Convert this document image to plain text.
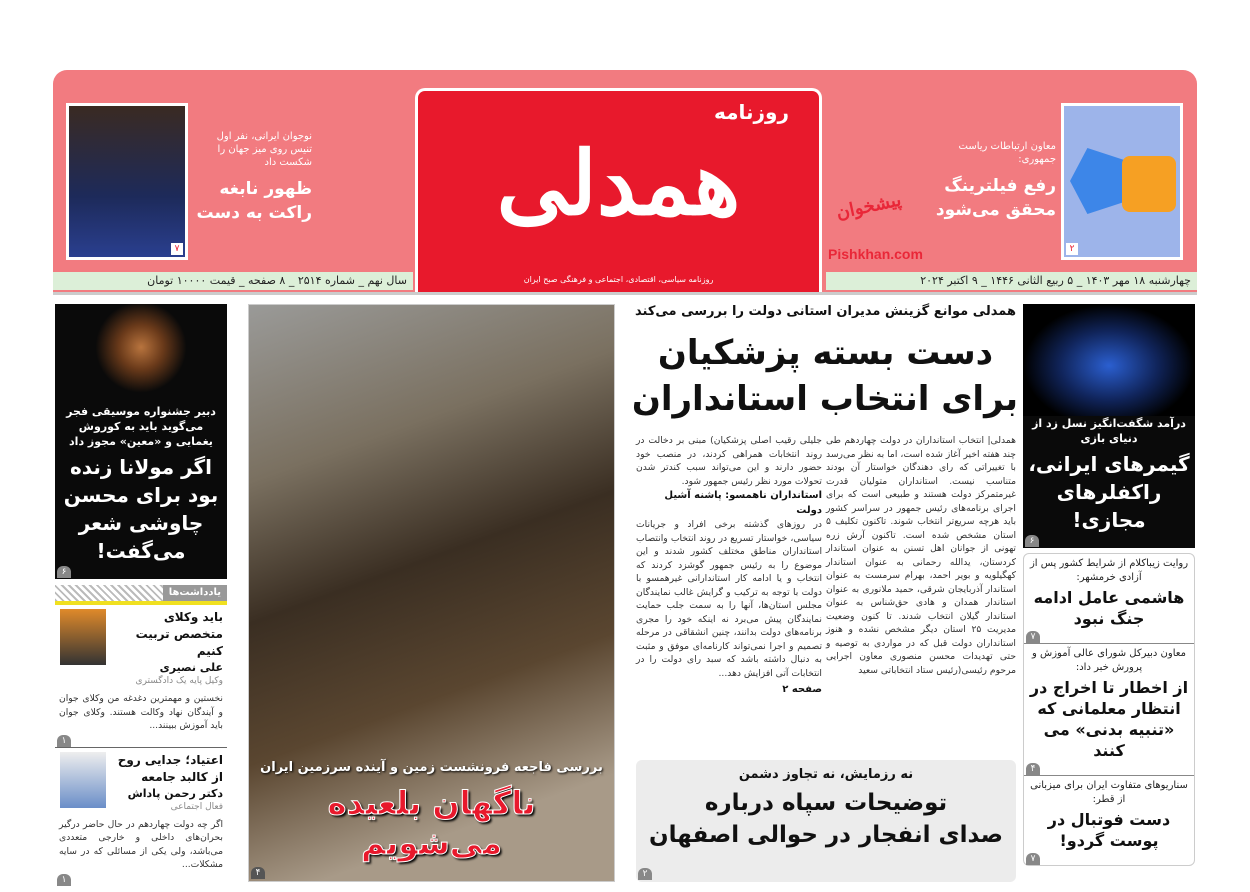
روزنامه
همدلی
روزنامه سیاسی، اقتصادی، اجتماعی و فرهنگی صبح ایران
۷
نوجوان ایرانی، نفر اول تنیس روی میز جهان را شکست داد
ظهور نابغه
راکت به دست
۲
معاون ارتباطات ریاست جمهوری:
رفع فیلترینگ
محقق می‌شود
سال نهم _ شماره ۲۵۱۴ _ ۸ صفحه _ قیمت ۱۰۰۰۰ تومان	چهارشنبه ۱۸ مهر ۱۴۰۳ _ ۵ ربیع الثانی ۱۴۴۶ _ ۹ اکتبر ۲۰۲۴
پیشخوان
Pishkhan.com
دبیر جشنواره موسیقی فجر می‌گوید باید به کوروش یغمایی و «معین» مجوز داد
اگر مولانا زنده بود برای محسن چاوشی شعر می‌گفت!
۶
یادداشت‌ها
باید وکلای متخصص تربیت کنیم
علی نصیری
وکیل پایه یک دادگستری
نخستین و مهمترین دغدغه من وکلای جوان و آیندگان نهاد وکالت هستند. وکلای جوان باید آموزش ببینند...
۱
اعتیاد؛ جدایی روح از کالبد جامعه
دکتر رحمن پاداش
فعال اجتماعی
اگر چه دولت چهاردهم در حال حاضر درگیر بحران‌های داخلی و خارجی متعددی می‌باشد، ولی یکی از مسائلی که در سایه مشکلات...
۱
بررسی فاجعه فرونشست زمین و آینده سرزمین ایران
ناگهان بلعیده می‌شویم
۴
همدلی موانع گزینش مدیران استانی دولت را بررسی می‌کند
دست بسته پزشکیان
برای انتخاب استانداران
همدلی| انتخاب استانداران در دولت چهاردهم طی چند هفته اخیر آغاز شده است، اما به نظر می‌رسد با تغییراتی که رای دهندگان خواستار آن بودند متناسب نیست. استانداران متولیان قدرت غیرمتمرکز دولت هستند و طبیعی است که برای اجرای برنامه‌های رئیس جمهور در سراسر کشور باید هرچه سریع‌تر انتخاب شوند. تاکنون تکلیف ۵ استان مشخص شده است. تاکنون آرش زره تهونی از جوانان اهل تسنن به عنوان استاندار کردستان، یدالله رحمانی به عنوان استاندار کهگیلویه و بویر احمد، بهرام سرمست به عنوان استاندار آذربایجان شرقی، حمید ملانوری به عنوان استاندار همدان و هادی حق‌شناس به عنوان استاندار گیلان انتخاب شدند. تا کنون وضعیت مدیریت ۲۵ استان دیگر مشخص نشده و هنوز استانداران دولت قبل که در مواردی به توصیه و حتی تهدیدات محسن منصوری معاون اجرایی مرحوم رئیسی(رئیس ستاد انتخاباتی سعید
جلیلی رقیب اصلی پزشکیان) مبنی بر دخالت در روند انتخابات همراهی کردند، در منصب خود حضور دارند و این می‌تواند سبب کندتر شدن تحولات مورد نظر رئیس جمهور شود.
استانداران ناهمسو: پاشنه آشیل دولت
در روزهای گذشته برخی افراد و جریانات سیاسی، خواستار تسریع در روند انتخاب وانتصاب استانداران مناطق مختلف کشور شدند و این موضوع را به رئیس جمهور گوشزد کردند که انتخاب و یا ادامه کار استاندارانی غیرهمسو با دولت با توجه به ترکیب و گرایش غالب نمایندگان مجلس استان‌ها، آنها را به سمت جلب حمایت نمایندگان پیش می‌برد نه اینکه خود را مجری برنامه‌های دولت بدانند، چنین انشقاقی در مرحله تصمیم و اجرا نمی‌تواند کارنامه‌ای موفق و مثبت به دنبال داشته باشد که سبد رای دولت را در انتخابات آتی افزایش دهد...
صفحه ۲
نه رزمایش، نه تجاوز دشمن
توضیحات سپاه درباره
صدای انفجار در حوالی اصفهان
۲
درآمد شگفت‌انگیز نسل زد از دنیای بازی
گیمرهای ایرانی، راکفلرهای مجازی!
۶
روایت زیباکلام از شرایط کشور پس از آزادی خرمشهر:
هاشمی عامل ادامه جنگ نبود
۷
معاون دبیرکل شورای عالی آموزش و پرورش خبر داد:
از اخطار تا اخراج در انتظار معلمانی که «تنبیه بدنی» می کنند
۴
سناریوهای متفاوت ایران برای میزبانی از قطر:
دست فوتبال در پوست گردو!
۷
